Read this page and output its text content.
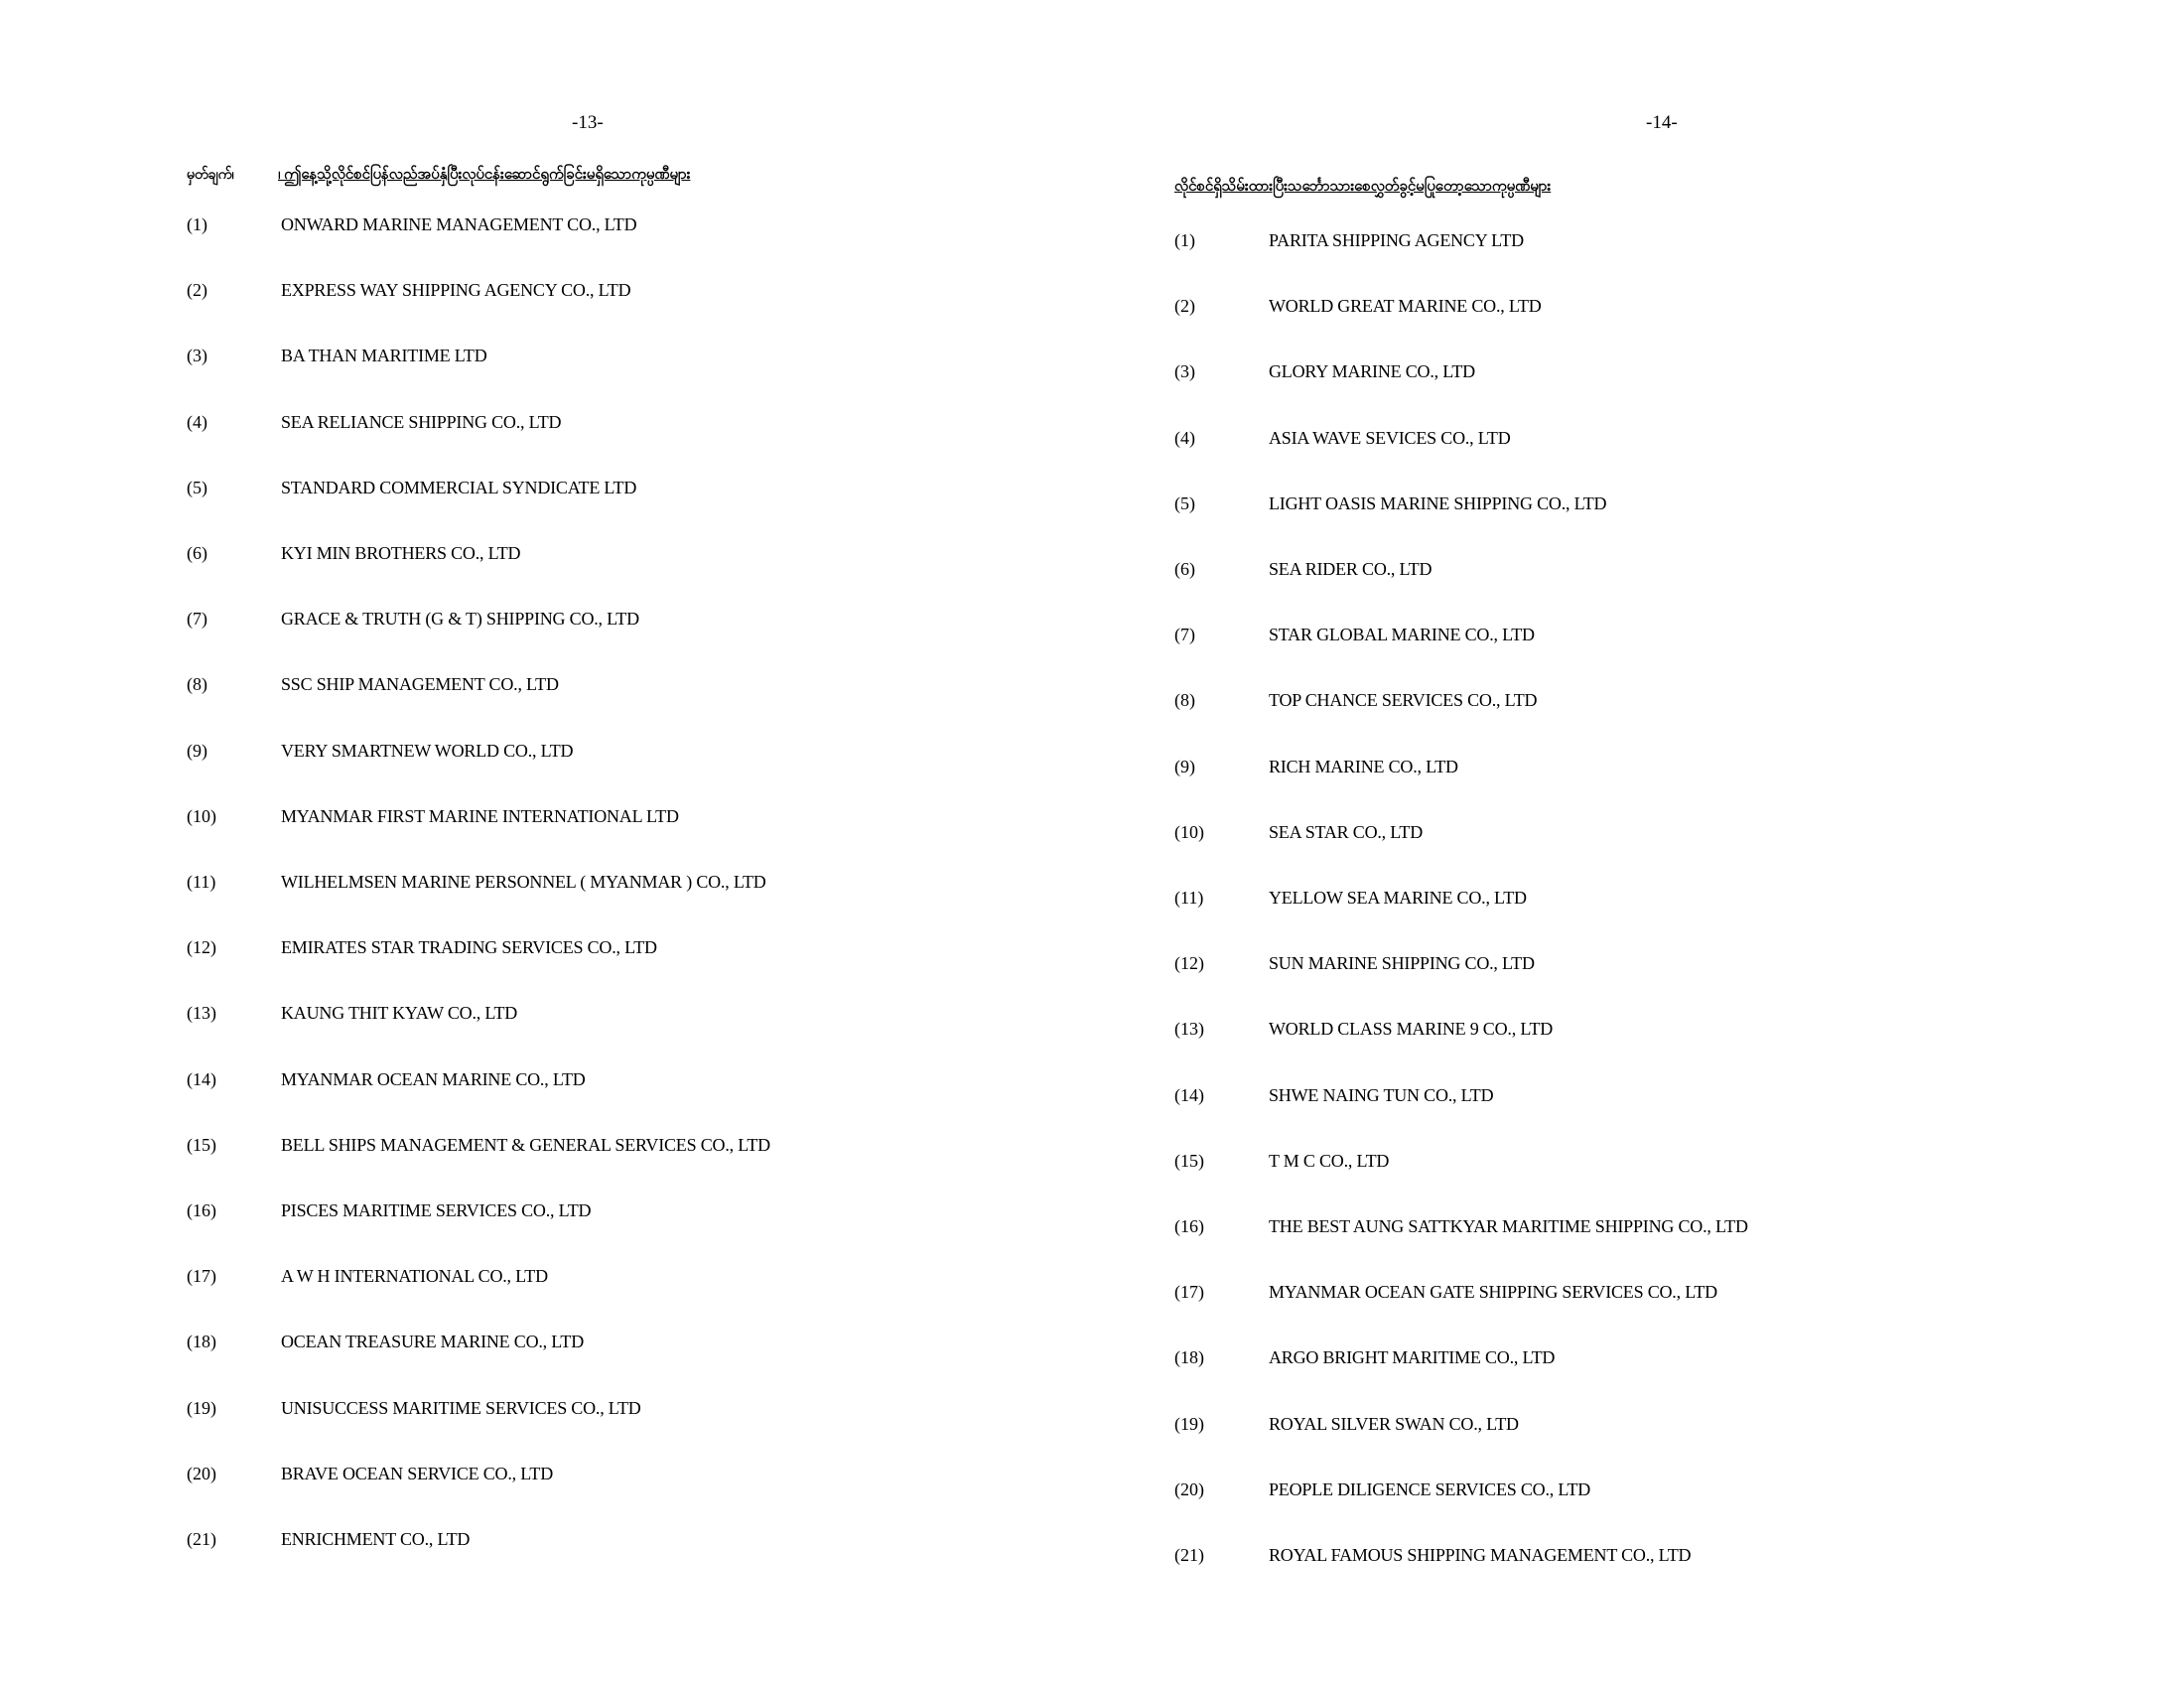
-13-
မှတ်ချက်၊	၊ ဤနေ့သို့လိုင်စင်ပြန်လည်အပ်နှံပြီးလုပ်ငန်းဆောင်ရွက်ခြင်းမရှိသောကုမ္ပဏီများ
(1)	ONWARD MARINE MANAGEMENT CO., LTD
(2)	EXPRESS WAY SHIPPING AGENCY CO., LTD
(3)	BA THAN MARITIME LTD
(4)	SEA RELIANCE SHIPPING CO., LTD
(5)	STANDARD COMMERCIAL SYNDICATE LTD
(6)	KYI MIN BROTHERS CO., LTD
(7)	GRACE & TRUTH (G & T) SHIPPING CO., LTD
(8)	SSC SHIP MANAGEMENT CO., LTD
(9)	VERY SMARTNEW WORLD CO., LTD
(10)	MYANMAR FIRST MARINE INTERNATIONAL LTD
(11)	WILHELMSEN MARINE PERSONNEL ( MYANMAR ) CO., LTD
(12)	EMIRATES STAR TRADING SERVICES CO., LTD
(13)	KAUNG THIT KYAW CO., LTD
(14)	MYANMAR OCEAN MARINE CO., LTD
(15)	BELL SHIPS MANAGEMENT & GENERAL SERVICES CO., LTD
(16)	PISCES MARITIME SERVICES CO., LTD
(17)	A W H INTERNATIONAL CO., LTD
(18)	OCEAN TREASURE MARINE CO., LTD
(19)	UNISUCCESS MARITIME SERVICES CO., LTD
(20)	BRAVE OCEAN SERVICE CO., LTD
(21)	ENRICHMENT CO., LTD
-14-
လိုင်စင်ရှိသိမ်းထားပြီးသင်္ဘောသားစေလွှတ်ခွင့်မပြုတော့သောကုမ္ပဏီများ
(1)	PARITA SHIPPING AGENCY LTD
(2)	WORLD GREAT MARINE CO., LTD
(3)	GLORY MARINE CO., LTD
(4)	ASIA WAVE SEVICES CO., LTD
(5)	LIGHT OASIS MARINE SHIPPING CO., LTD
(6)	SEA RIDER CO., LTD
(7)	STAR GLOBAL MARINE CO., LTD
(8)	TOP CHANCE SERVICES CO., LTD
(9)	RICH MARINE CO., LTD
(10)	SEA STAR CO., LTD
(11)	YELLOW SEA MARINE CO., LTD
(12)	SUN MARINE SHIPPING CO., LTD
(13)	WORLD CLASS MARINE 9 CO., LTD
(14)	SHWE NAING TUN CO., LTD
(15)	T M C CO., LTD
(16)	THE BEST AUNG SATTKYAR MARITIME SHIPPING CO., LTD
(17)	MYANMAR OCEAN GATE SHIPPING SERVICES CO., LTD
(18)	ARGO BRIGHT MARITIME CO., LTD
(19)	ROYAL SILVER SWAN CO., LTD
(20)	PEOPLE DILIGENCE SERVICES CO., LTD
(21)	ROYAL FAMOUS SHIPPING MANAGEMENT CO., LTD
